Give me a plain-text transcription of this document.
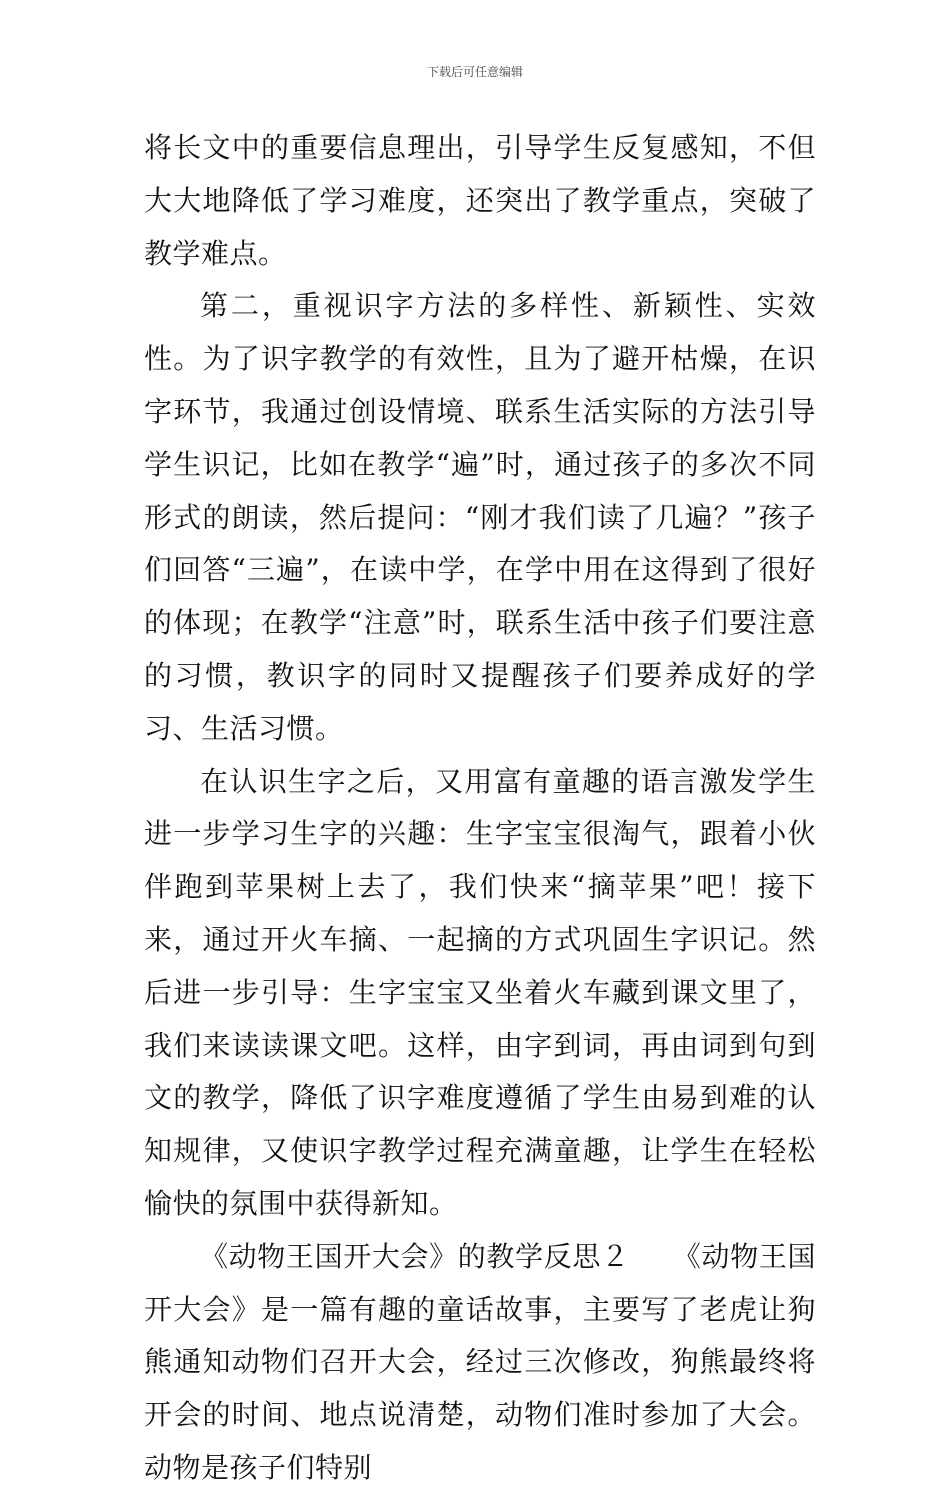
下载后可任意编辑

将长文中的重要信息理出，引导学生反复感知，不但大大地降低了学习难度，还突出了教学重点，突破了教学难点。

第二，重视识字方法的多样性、新颖性、实效性。为了识字教学的有效性，且为了避开枯燥，在识字环节，我通过创设情境、联系生活实际的方法引导学生识记，比如在教学“遍”时，通过孩子的多次不同形式的朗读，然后提问：“刚才我们读了几遍？”孩子们回答“三遍”，在读中学，在学中用在这得到了很好的体现；在教学“注意”时，联系生活中孩子们要注意的习惯，教识字的同时又提醒孩子们要养成好的学习、生活习惯。

在认识生字之后，又用富有童趣的语言激发学生进一步学习生字的兴趣：生字宝宝很淘气，跟着小伙伴跑到苹果树上去了，我们快来“摘苹果”吧！接下来，通过开火车摘、一起摘的方式巩固生字识记。然后进一步引导：生字宝宝又坐着火车藏到课文里了，我们来读读课文吧。这样，由字到词，再由词到句到文的教学，降低了识字难度遵循了学生由易到难的认知规律，又使识字教学过程充满童趣，让学生在轻松愉快的氛围中获得新知。

《动物王国开大会》的教学反思２　　《动物王国开大会》是一篇有趣的童话故事，主要写了老虎让狗熊通知动物们召开大会，经过三次修改，狗熊最终将开会的时间、地点说清楚，动物们准时参加了大会。动物是孩子们特别
